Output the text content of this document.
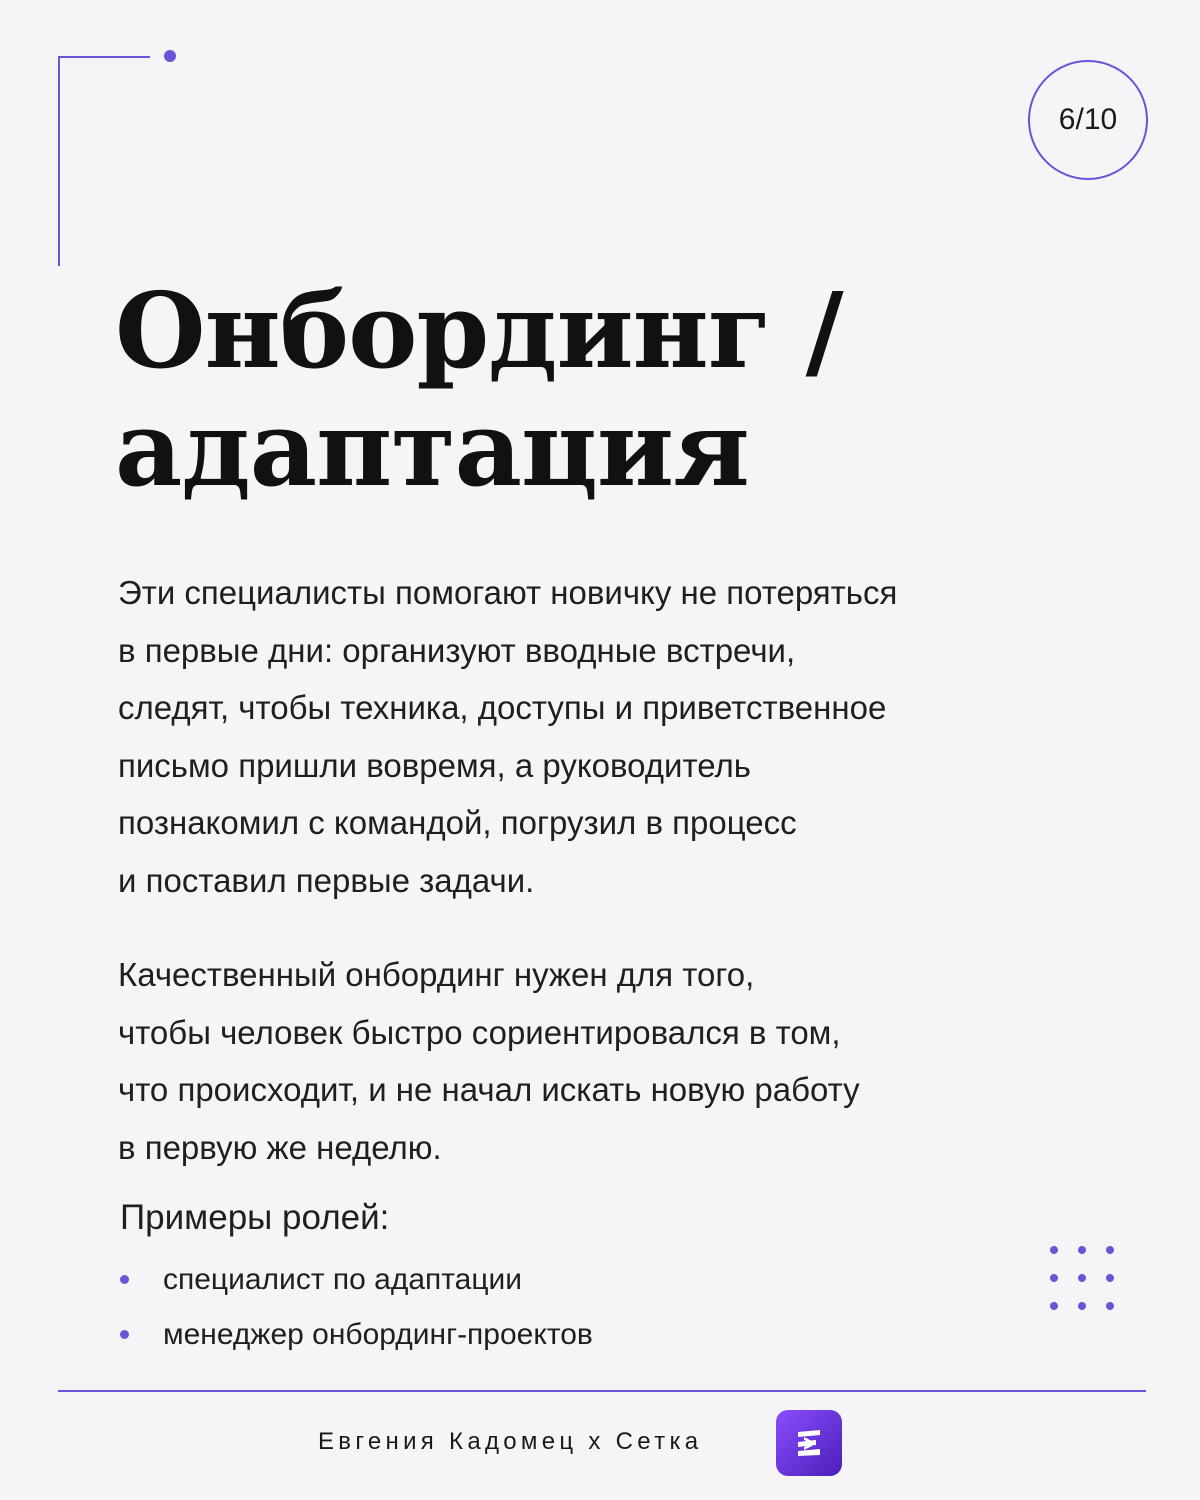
6/10
Онбординг /
адаптация
Эти специалисты помогают новичку не потеряться
в первые дни: организуют вводные встречи,
следят, чтобы техника, доступы и приветственное
письмо пришли вовремя, а руководитель
познакомил с командой, погрузил в процесс
и поставил первые задачи.
Качественный онбординг нужен для того,
чтобы человек быстро сориентировался в том,
что происходит, и не начал искать новую работу
в первую же неделю.
Примеры ролей:
специалист по адаптации
менеджер онбординг-проектов
Евгения Кадомец x Сетка
